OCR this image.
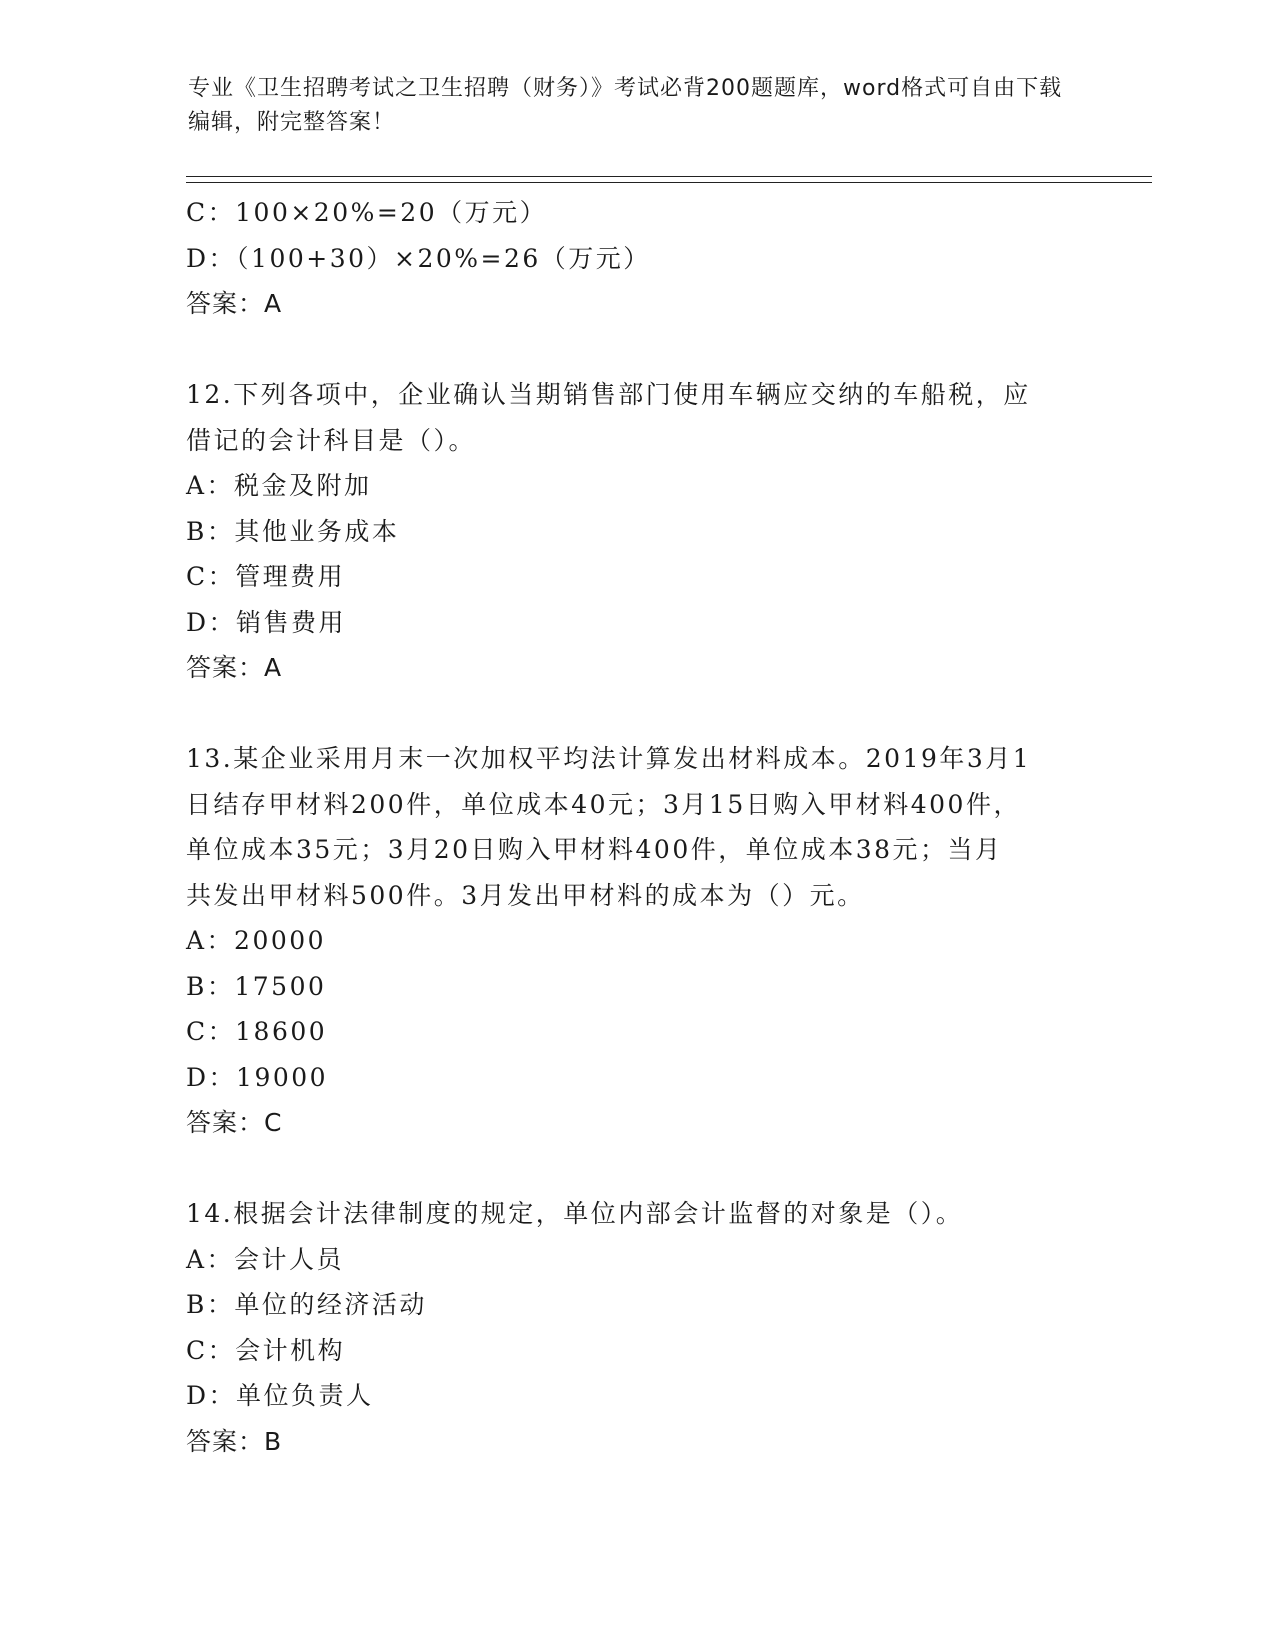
专业《卫生招聘考试之卫生招聘（财务）》考试必背200题题库，word格式可自由下载编辑，附完整答案！
C：100×20%=20（万元）
D：（100+30）×20%=26（万元）
答案：A
12.下列各项中，企业确认当期销售部门使用车辆应交纳的车船税，应
借记的会计科目是（）。
A：税金及附加
B：其他业务成本
C：管理费用
D：销售费用
答案：A
13.某企业采用月末一次加权平均法计算发出材料成本。2019年3月1
日结存甲材料200件，单位成本40元；3月15日购入甲材料400件，
单位成本35元；3月20日购入甲材料400件，单位成本38元；当月
共发出甲材料500件。3月发出甲材料的成本为（）元。
A：20000
B：17500
C：18600
D：19000
答案：C
14.根据会计法律制度的规定，单位内部会计监督的对象是（）。
A：会计人员
B：单位的经济活动
C：会计机构
D：单位负责人
答案：B
